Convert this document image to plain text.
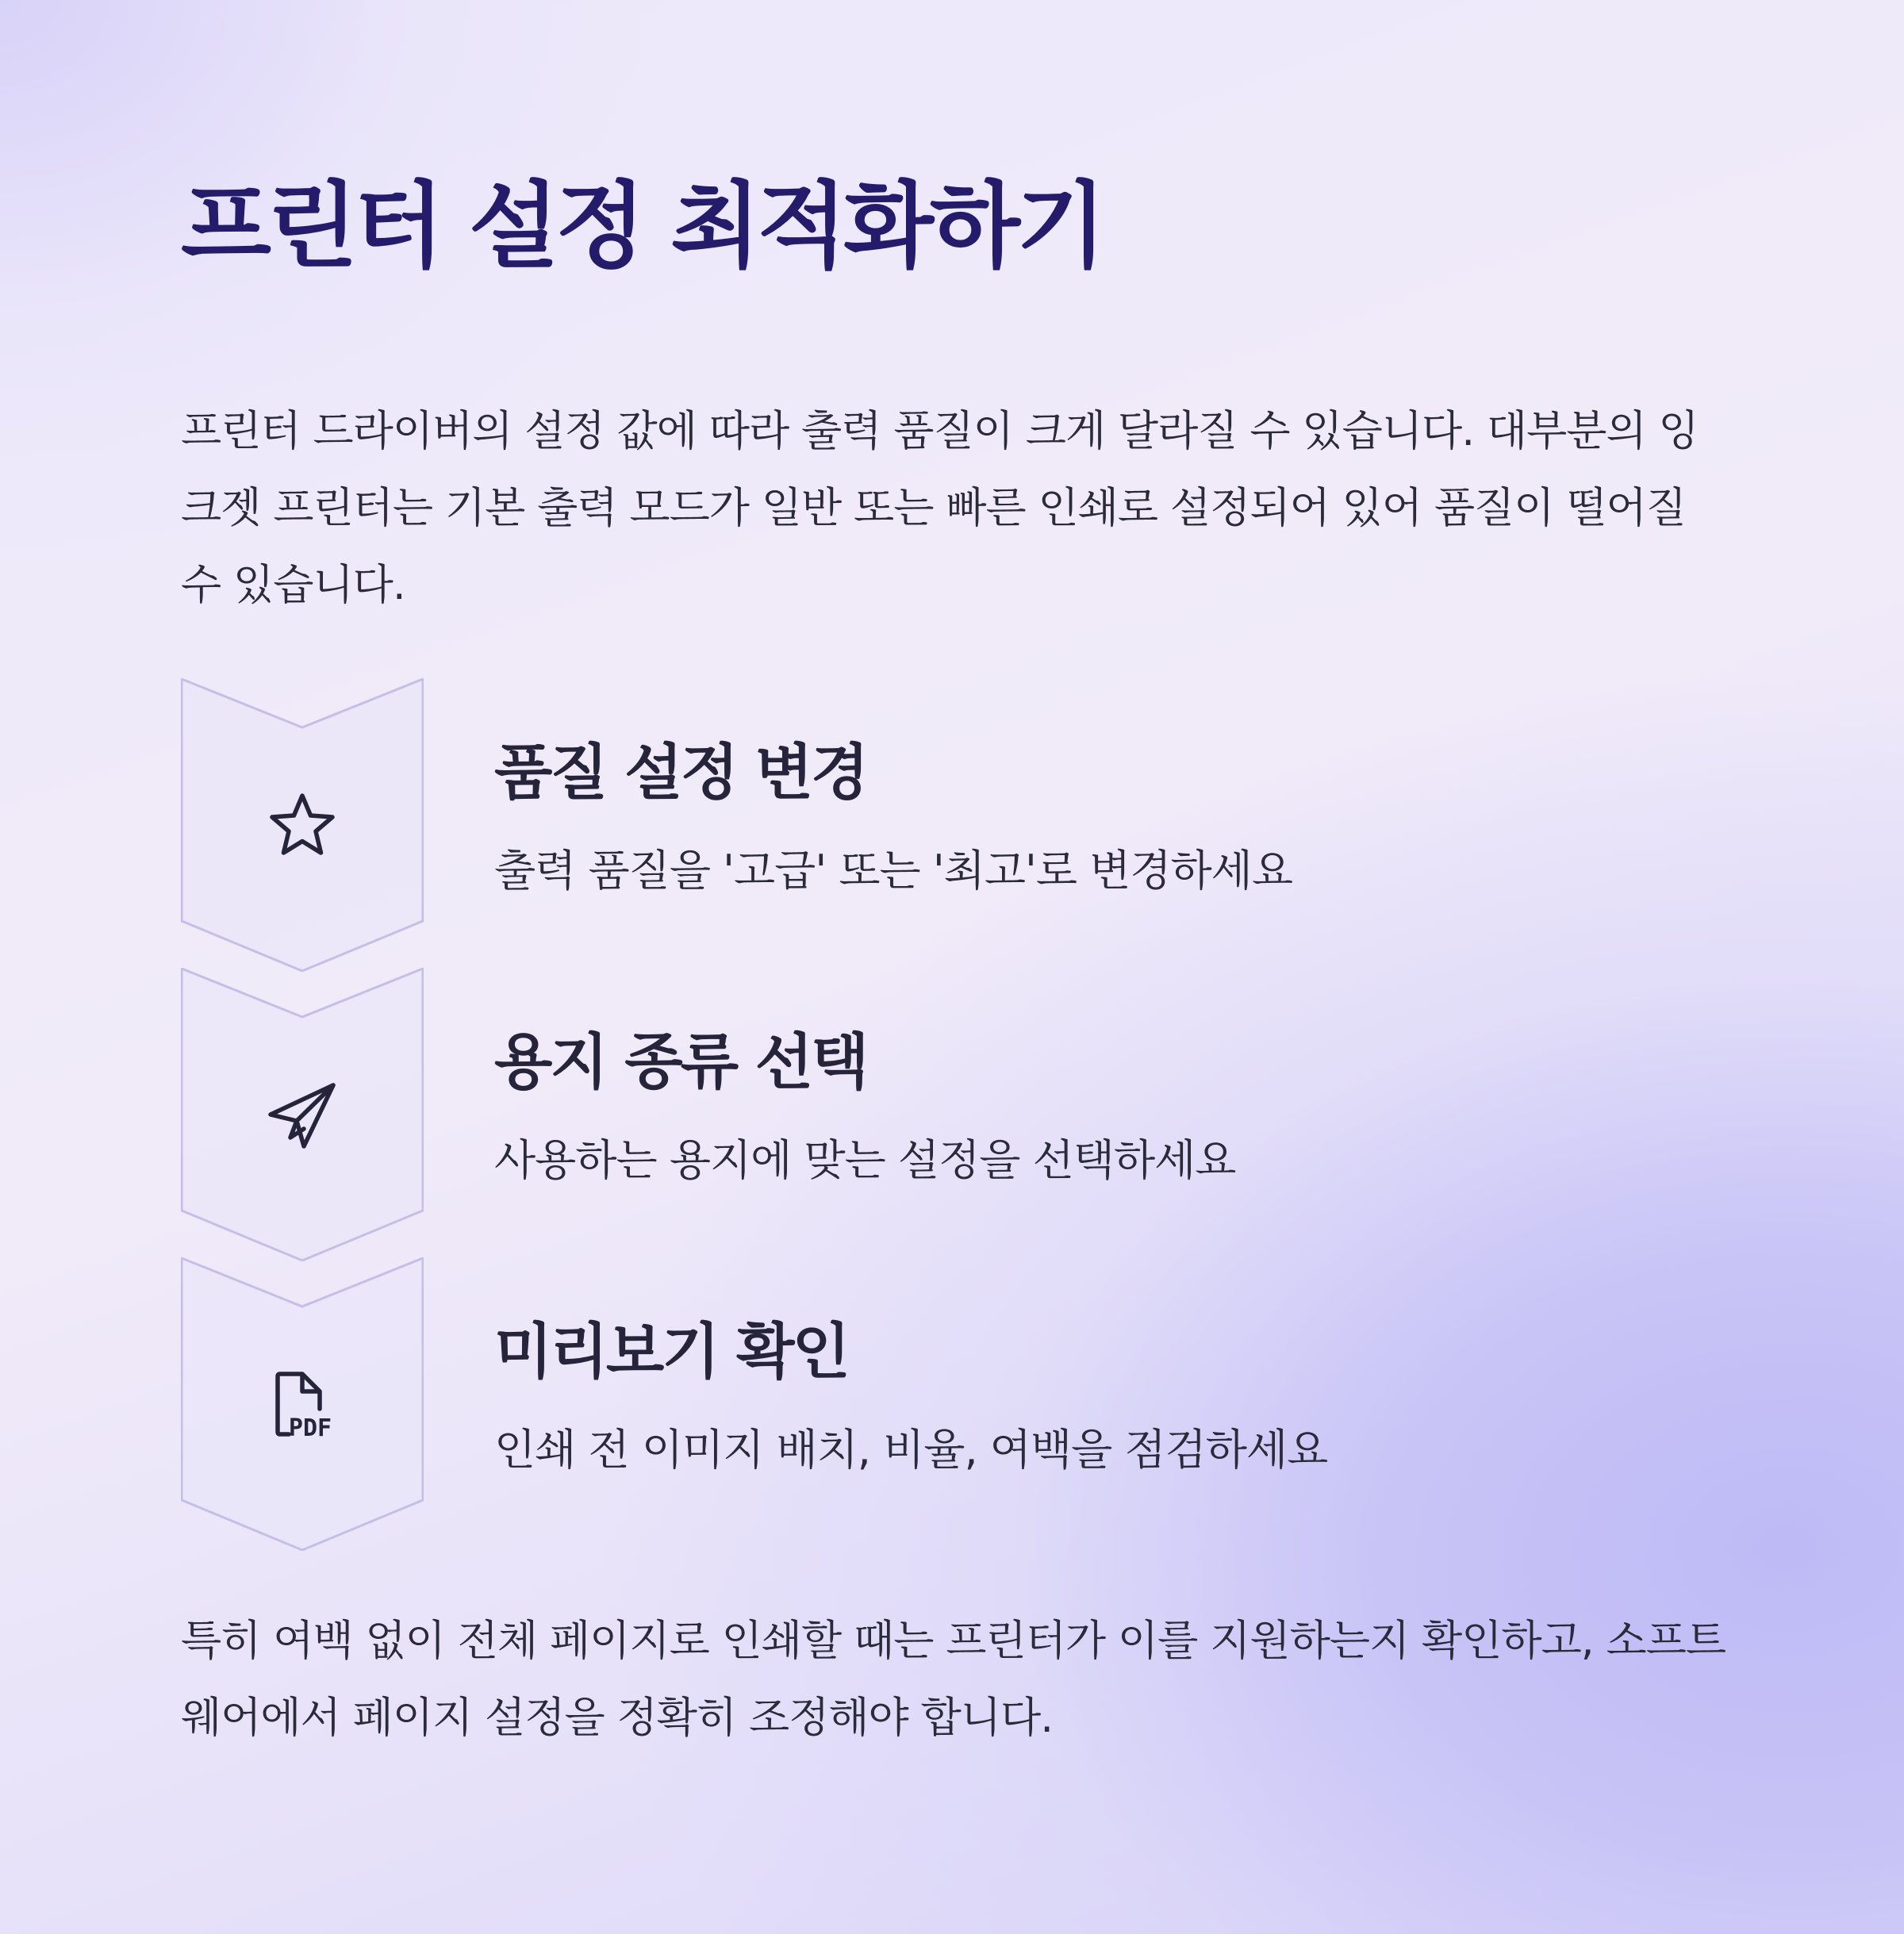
프린터 설정 최적화하기

프린터 드라이버의 설정 값에 따라 출력 품질이 크게 달라질 수 있습니다. 대부분의 잉크젯 프린터는 기본 출력 모드가 일반 또는 빠른 인쇄로 설정되어 있어 품질이 떨어질 수 있습니다.

품질 설정 변경

출력 품질을 '고급' 또는 '최고'로 변경하세요

용지 종류 선택

사용하는 용지에 맞는 설정을 선택하세요

PDF
미리보기 확인

인쇄 전 이미지 배치, 비율, 여백을 점검하세요

특히 여백 없이 전체 페이지로 인쇄할 때는 프린터가 이를 지원하는지 확인하고, 소프트웨어에서 페이지 설정을 정확히 조정해야 합니다.
